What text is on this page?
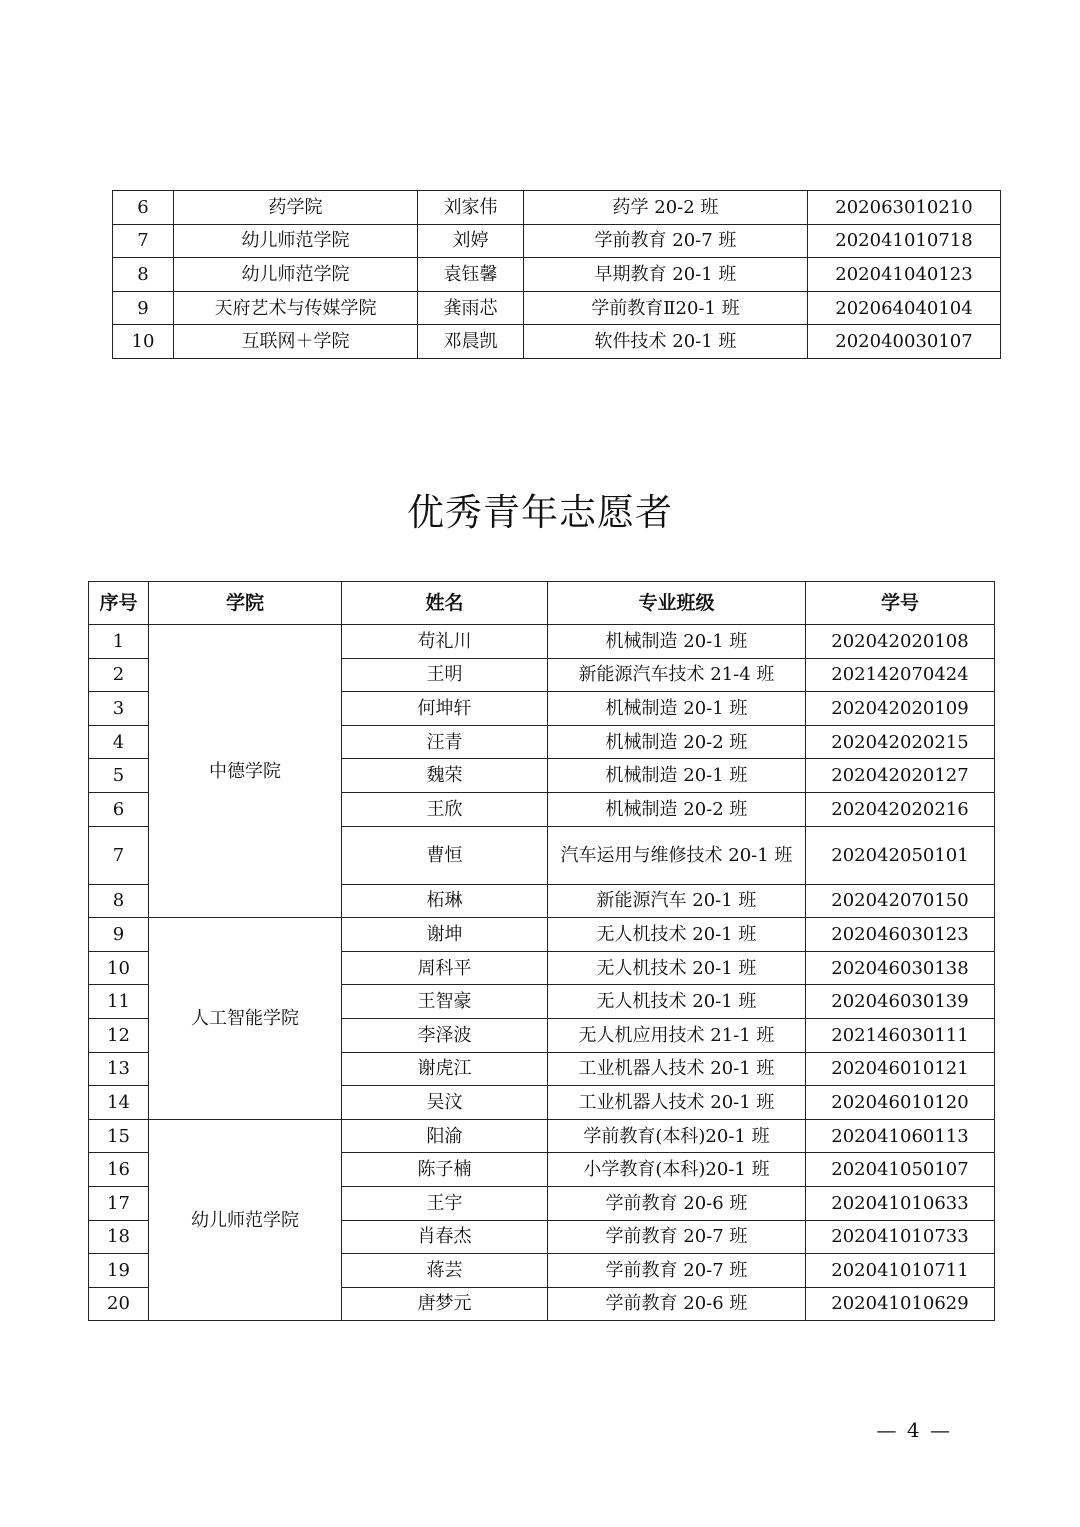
6	药学院	刘家伟	药学 20-2 班	202063010210
7	幼儿师范学院	刘婷	学前教育 20-7 班	202041010718
8	幼儿师范学院	袁钰馨	早期教育 20-1 班	202041040123
9	天府艺术与传媒学院	龚雨芯	学前教育Ⅱ20-1 班	202064040104
10	互联网＋学院	邓晨凯	软件技术 20-1 班	202040030107
优秀青年志愿者
序号	学院	姓名	专业班级	学号
1	中德学院	苟礼川	机械制造 20-1 班	202042020108
2		王明	新能源汽车技术 21-4 班	202142070424
3		何坤轩	机械制造 20-1 班	202042020109
4		汪青	机械制造 20-2 班	202042020215
5		魏荣	机械制造 20-1 班	202042020127
6		王欣	机械制造 20-2 班	202042020216
7		曹恒	汽车运用与维修技术 20-1 班	202042050101
8		柘琳	新能源汽车 20-1 班	202042070150
9	人工智能学院	谢坤	无人机技术 20-1 班	202046030123
10		周科平	无人机技术 20-1 班	202046030138
11		王智豪	无人机技术 20-1 班	202046030139
12		李泽波	无人机应用技术 21-1 班	202146030111
13		谢虎江	工业机器人技术 20-1 班	202046010121
14		吴汶	工业机器人技术 20-1 班	202046010120
15	幼儿师范学院	阳渝	学前教育(本科)20-1 班	202041060113
16		陈子楠	小学教育(本科)20-1 班	202041050107
17		王宇	学前教育 20-6 班	202041010633
18		肖春杰	学前教育 20-7 班	202041010733
19		蒋芸	学前教育 20-7 班	202041010711
20		唐梦元	学前教育 20-6 班	202041010629
— 4 —
